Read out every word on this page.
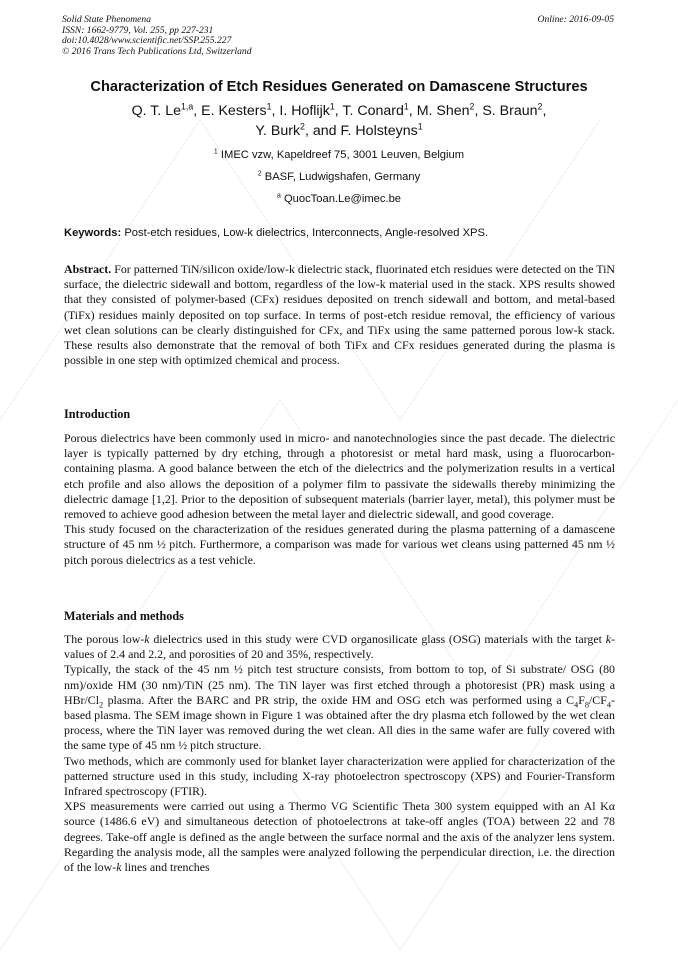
Solid State Phenomena
ISSN: 1662-9779, Vol. 255, pp 227-231
doi:10.4028/www.scientific.net/SSP.255.227
© 2016 Trans Tech Publications Ltd, Switzerland
Online: 2016-09-05
Characterization of Etch Residues Generated on Damascene Structures
Q. T. Le$^{1,a}$, E. Kesters$^1$, I. Hoflijk$^1$, T. Conard$^1$, M. Shen$^2$, S. Braun$^2$,
Y. Burk$^2$, and F. Holsteyns$^1$
$^1$ IMEC vzw, Kapeldreef 75, 3001 Leuven, Belgium
$^2$ BASF, Ludwigshafen, Germany
$^a$ QuocToan.Le@imec.be
Keywords: Post-etch residues, Low-k dielectrics, Interconnects, Angle-resolved XPS.

Abstract. For patterned TiN/silicon oxide/low-k dielectric stack, fluorinated etch residues were detected on the TiN surface, the dielectric sidewall and bottom, regardless of the low-k material used in the stack. XPS results showed that they consisted of polymer-based (CFx) residues deposited on trench sidewall and bottom, and metal-based (TiFx) residues mainly deposited on top surface. In terms of post-etch residue removal, the efficiency of various wet clean solutions can be clearly distinguished for CFx, and TiFx using the same patterned porous low-k stack. These results also demonstrate that the removal of both TiFx and CFx residues generated during the plasma is possible in one step with optimized chemical and process.

Introduction

Porous dielectrics have been commonly used in micro- and nanotechnologies since the past decade. The dielectric layer is typically patterned by dry etching, through a photoresist or metal hard mask, using a fluorocarbon-containing plasma. A good balance between the etch of the dielectrics and the polymerization results in a vertical etch profile and also allows the deposition of a polymer film to passivate the sidewalls thereby minimizing the dielectric damage [1,2]. Prior to the deposition of subsequent materials (barrier layer, metal), this polymer must be removed to achieve good adhesion between the metal layer and dielectric sidewall, and good coverage.

This study focused on the characterization of the residues generated during the plasma patterning of a damascene structure of 45 nm ½ pitch. Furthermore, a comparison was made for various wet cleans using patterned 45 nm ½ pitch porous dielectrics as a test vehicle.

Materials and methods

The porous low-k dielectrics used in this study were CVD organosilicate glass (OSG) materials with the target k-values of 2.4 and 2.2, and porosities of 20 and 35%, respectively.

Typically, the stack of the 45 nm ½ pitch test structure consists, from bottom to top, of Si substrate/ OSG (80 nm)/oxide HM (30 nm)/TiN (25 nm). The TiN layer was first etched through a photoresist (PR) mask using a HBr/$Cl_2$ plasma. After the BARC and PR strip, the oxide HM and OSG etch was performed using a $C_4F_8/CF_4$-based plasma. The SEM image shown in Figure 1 was obtained after the dry plasma etch followed by the wet clean process, where the TiN layer was removed during the wet clean. All dies in the same wafer are fully covered with the same type of 45 nm ½ pitch structure.

Two methods, which are commonly used for blanket layer characterization were applied for characterization of the patterned structure used in this study, including X-ray photoelectron spectroscopy (XPS) and Fourier-Transform Infrared spectroscopy (FTIR).

XPS measurements were carried out using a Thermo VG Scientific Theta 300 system equipped with an Al Kα source (1486.6 eV) and simultaneous detection of photoelectrons at take-off angles (TOA) between 22 and 78 degrees. Take-off angle is defined as the angle between the surface normal and the axis of the analyzer lens system. Regarding the analysis mode, all the samples were analyzed following the perpendicular direction, i.e. the direction of the low-k lines and trenches
